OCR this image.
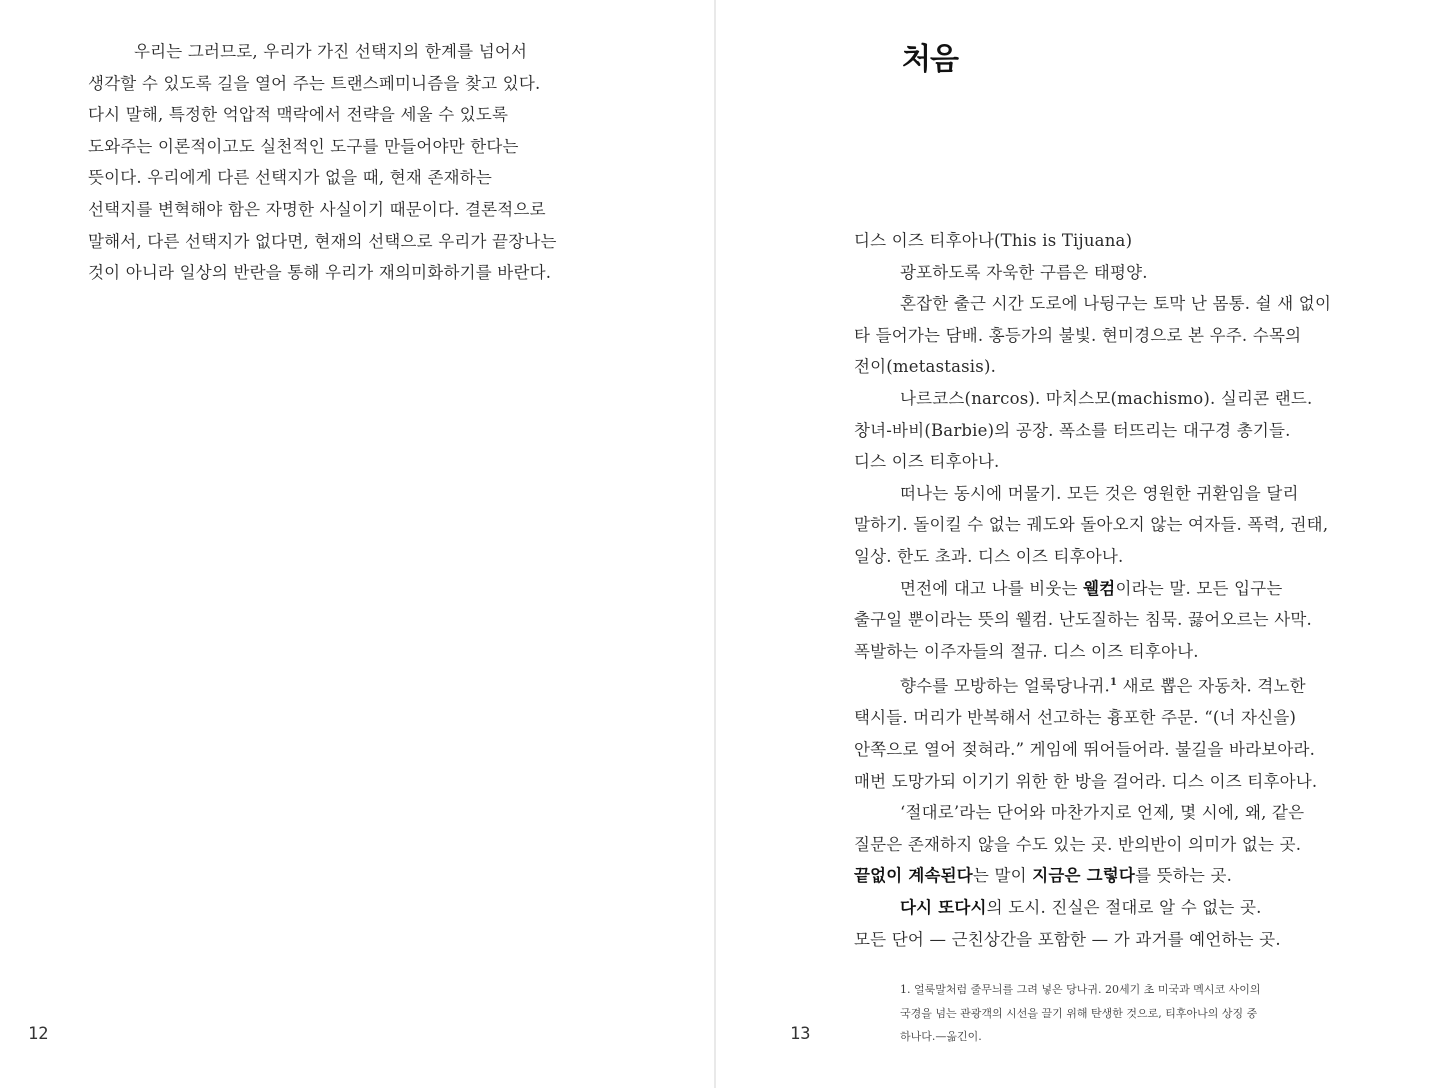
우리는 그러므로, 우리가 가진 선택지의 한계를 넘어서
생각할 수 있도록 길을 열어 주는 트랜스페미니즘을 찾고 있다.
다시 말해, 특정한 억압적 맥락에서 전략을 세울 수 있도록
도와주는 이론적이고도 실천적인 도구를 만들어야만 한다는
뜻이다. 우리에게 다른 선택지가 없을 때, 현재 존재하는
선택지를 변혁해야 함은 자명한 사실이기 때문이다. 결론적으로
말해서, 다른 선택지가 없다면, 현재의 선택으로 우리가 끝장나는
것이 아니라 일상의 반란을 통해 우리가 재의미화하기를 바란다.

12
처음
디스 이즈 티후아나(This is Tijuana)
광포하도록 자욱한 구름은 태평양.
혼잡한 출근 시간 도로에 나뒹구는 토막 난 몸통. 쉴 새 없이
타 들어가는 담배. 홍등가의 불빛. 현미경으로 본 우주. 수목의
전이(metastasis).
나르코스(narcos). 마치스모(machismo). 실리콘 랜드.
창녀-바비(Barbie)의 공장. 폭소를 터뜨리는 대구경 총기들.
디스 이즈 티후아나.
떠나는 동시에 머물기. 모든 것은 영원한 귀환임을 달리
말하기. 돌이킬 수 없는 궤도와 돌아오지 않는 여자들. 폭력, 권태,
일상. 한도 초과. 디스 이즈 티후아나.
면전에 대고 나를 비웃는 웰컴이라는 말. 모든 입구는
출구일 뿐이라는 뜻의 웰컴. 난도질하는 침묵. 끓어오르는 사막.
폭발하는 이주자들의 절규. 디스 이즈 티후아나.
향수를 모방하는 얼룩당나귀.$^1$ 새로 뽑은 자동차. 격노한
택시들. 머리가 반복해서 선고하는 흉포한 주문. “(너 자신을)
안쪽으로 열어 젖혀라.” 게임에 뛰어들어라. 불길을 바라보아라.
매번 도망가되 이기기 위한 한 방을 걸어라. 디스 이즈 티후아나.
‘절대로’라는 단어와 마찬가지로 언제, 몇 시에, 왜, 같은
질문은 존재하지 않을 수도 있는 곳. 반의반이 의미가 없는 곳.
끝없이 계속된다는 말이 지금은 그렇다를 뜻하는 곳.
다시 또다시의 도시. 진실은 절대로 알 수 없는 곳.
모든 단어 — 근친상간을 포함한 — 가 과거를 예언하는 곳.
1. 얼룩말처럼 줄무늬를 그려 넣은 당나귀. 20세기 초 미국과 멕시코 사이의
국경을 넘는 관광객의 시선을 끌기 위해 탄생한 것으로, 티후아나의 상징 중
하나다.—옮긴이.
13
